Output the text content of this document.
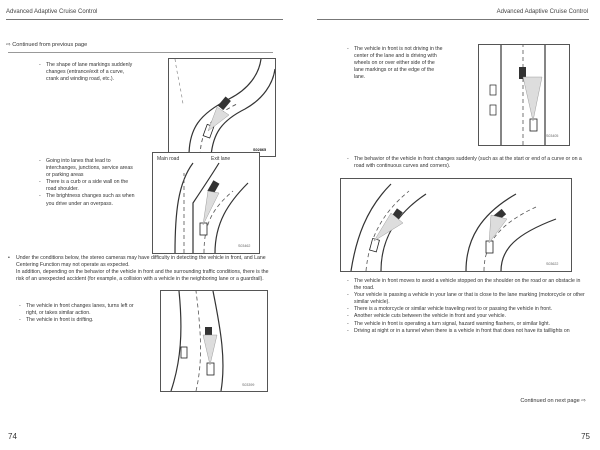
Advanced Adaptive Cruise Control	Advanced Adaptive Cruise Control
⇨ Continued from previous page
- The shape of lane markings suddenly changes (entrance/exit of a curve, crank and winding road, etc.).
S02865
- Going into lanes that lead to interchanges, junctions, service areas or parking areas
- There is a curb or a side wall on the road shoulder.
- The brightness changes such as when you drive under an overpass.
Main road	Exit lane
S03462
• Under the conditions below, the stereo cameras may have difficulty in detecting the vehicle in front, and Lane Centering Function may not operate as expected.
In addition, depending on the behavior of the vehicle in front and the surrounding traffic conditions, there is the risk of an unexpected accident (for example, a collision with a vehicle in the neighboring lane or a guardrail).
- The vehicle in front changes lanes, turns left or right, or takes similar action.
- The vehicle in front is drifting.
S03399
74
- The vehicle in front is not driving in the center of the lane and is driving with wheels on or over either side of the lane markings or at the edge of the lane.
S03405
- The behavior of the vehicle in front changes suddenly (such as at the start or end of a curve or on a road with continuous curves and corners).
S03622
- The vehicle in front moves to avoid a vehicle stopped on the shoulder on the road or an obstacle in the road.
- Your vehicle is passing a vehicle in your lane or that is close to the lane marking (motorcycle or other similar vehicle).
- There is a motorcycle or similar vehicle traveling next to or passing the vehicle in front.
- Another vehicle cuts between the vehicle in front and your vehicle.
- The vehicle in front is operating a turn signal, hazard warning flashers, or similar light.
- Driving at night or in a tunnel when there is a vehicle in front that does not have its taillights on
Continued on next page ⇨
75
